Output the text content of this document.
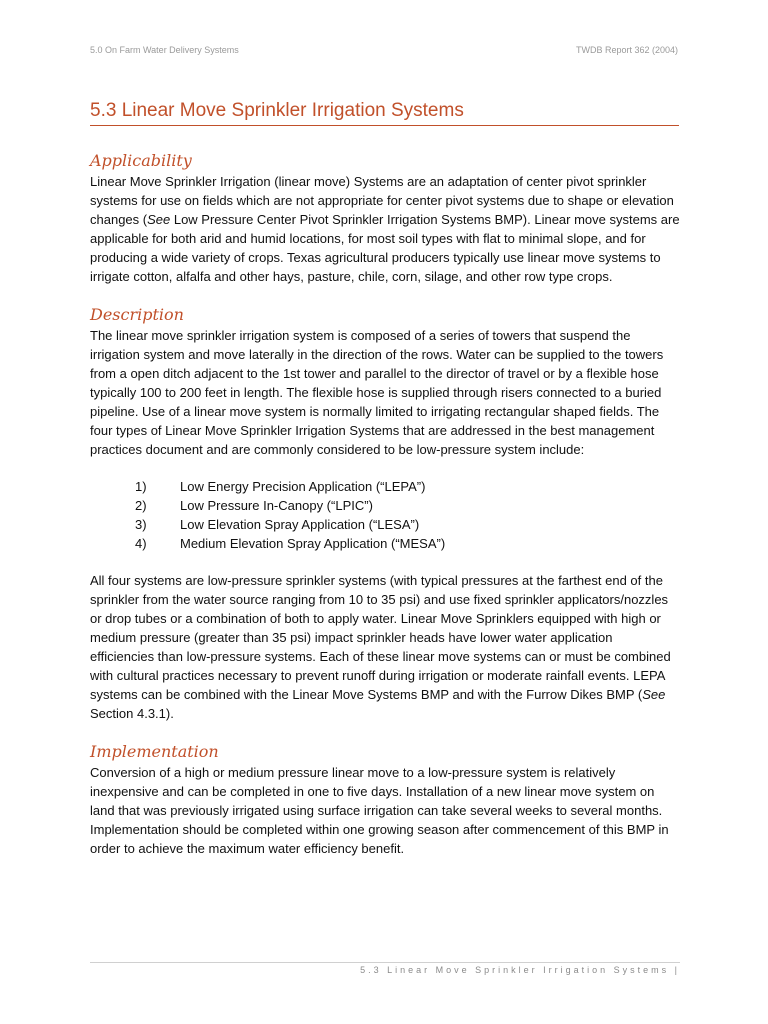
5.0 On Farm Water Delivery Systems	TWDB Report 362 (2004)
5.3 Linear Move Sprinkler Irrigation Systems
Applicability

Linear Move Sprinkler Irrigation (linear move) Systems are an adaptation of center pivot sprinkler systems for use on fields which are not appropriate for center pivot systems due to shape or elevation changes (See Low Pressure Center Pivot Sprinkler Irrigation Systems BMP). Linear move systems are applicable for both arid and humid locations, for most soil types with flat to minimal slope, and for producing a wide variety of crops. Texas agricultural producers typically use linear move systems to irrigate cotton, alfalfa and other hays, pasture, chile, corn, silage, and other row type crops.

Description

The linear move sprinkler irrigation system is composed of a series of towers that suspend the irrigation system and move laterally in the direction of the rows. Water can be supplied to the towers from a open ditch adjacent to the 1st tower and parallel to the director of travel or by a flexible hose typically 100 to 200 feet in length. The flexible hose is supplied through risers connected to a buried pipeline. Use of a linear move system is normally limited to irrigating rectangular shaped fields. The four types of Linear Move Sprinkler Irrigation Systems that are addressed in the best management practices document and are commonly considered to be low-pressure system include:

1)	Low Energy Precision Application (“LEPA”)
2)	Low Pressure In-Canopy (“LPIC”)
3)	Low Elevation Spray Application (“LESA”)
4)	Medium Elevation Spray Application (“MESA”)

All four systems are low-pressure sprinkler systems (with typical pressures at the farthest end of the sprinkler from the water source ranging from 10 to 35 psi) and use fixed sprinkler applicators/nozzles or drop tubes or a combination of both to apply water. Linear Move Sprinklers equipped with high or medium pressure (greater than 35 psi) impact sprinkler heads have lower water application efficiencies than low-pressure systems. Each of these linear move systems can or must be combined with cultural practices necessary to prevent runoff during irrigation or moderate rainfall events. LEPA systems can be combined with the Linear Move Systems BMP and with the Furrow Dikes BMP (See Section 4.3.1).

Implementation

Conversion of a high or medium pressure linear move to a low-pressure system is relatively inexpensive and can be completed in one to five days. Installation of a new linear move system on land that was previously irrigated using surface irrigation can take several weeks to several months. Implementation should be completed within one growing season after commencement of this BMP in order to achieve the maximum water efficiency benefit.

5.3 Linear Move Sprinkler Irrigation Systems |
